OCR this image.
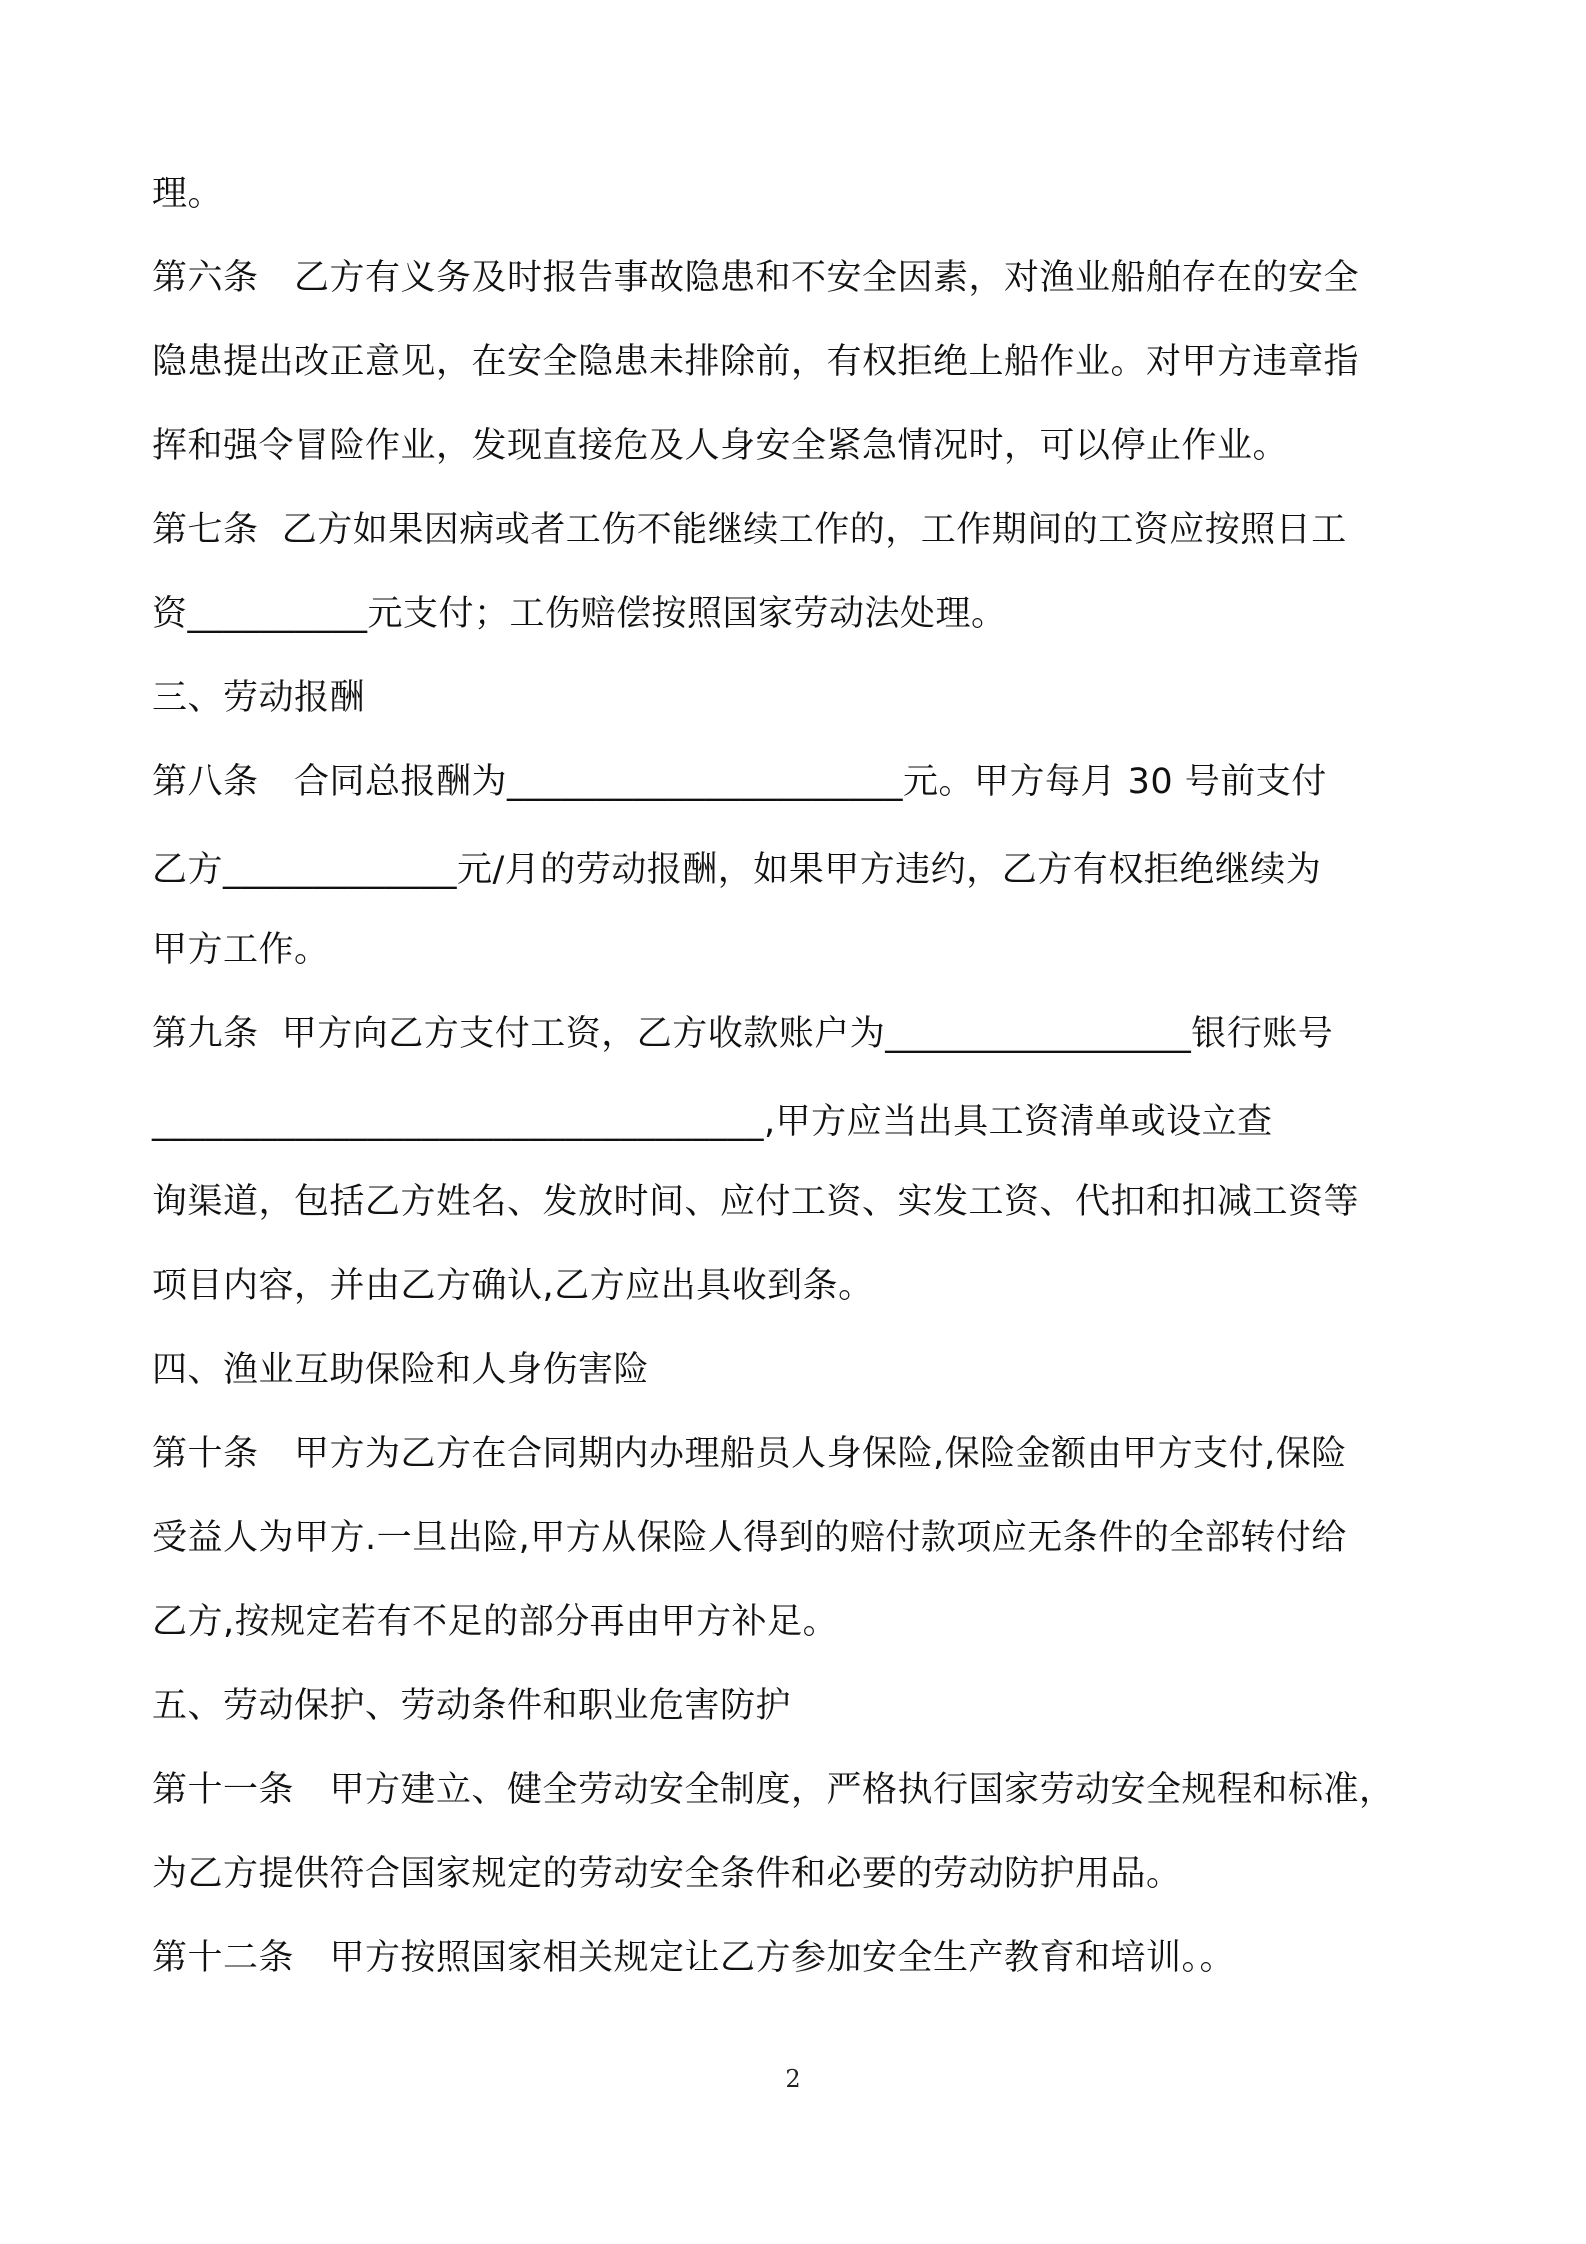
理。
第六条　乙方有义务及时报告事故隐患和不安全因素，对渔业船舶存在的安全
隐患提出改正意见，在安全隐患未排除前，有权拒绝上船作业。对甲方违章指
挥和强令冒险作业，发现直接危及人身安全紧急情况时，可以停止作业。
第七条  乙方如果因病或者工伤不能继续工作的，工作期间的工资应按照日工
资__________元支付；工伤赔偿按照国家劳动法处理。
三、劳动报酬
第八条　合同总报酬为______________________元。甲方每月 30 号前支付
乙方_____________元/月的劳动报酬，如果甲方违约，乙方有权拒绝继续为
甲方工作。
第九条  甲方向乙方支付工资，乙方收款账户为_________________银行账号
__________________________________,甲方应当出具工资清单或设立查
询渠道，包括乙方姓名、发放时间、应付工资、实发工资、代扣和扣减工资等
项目内容，并由乙方确认,乙方应出具收到条。
四、渔业互助保险和人身伤害险
第十条　甲方为乙方在合同期内办理船员人身保险,保险金额由甲方支付,保险
受益人为甲方.一旦出险,甲方从保险人得到的赔付款项应无条件的全部转付给
乙方,按规定若有不足的部分再由甲方补足。
五、劳动保护、劳动条件和职业危害防护
第十一条　甲方建立、健全劳动安全制度，严格执行国家劳动安全规程和标准，
为乙方提供符合国家规定的劳动安全条件和必要的劳动防护用品。
第十二条　甲方按照国家相关规定让乙方参加安全生产教育和培训。。
2
